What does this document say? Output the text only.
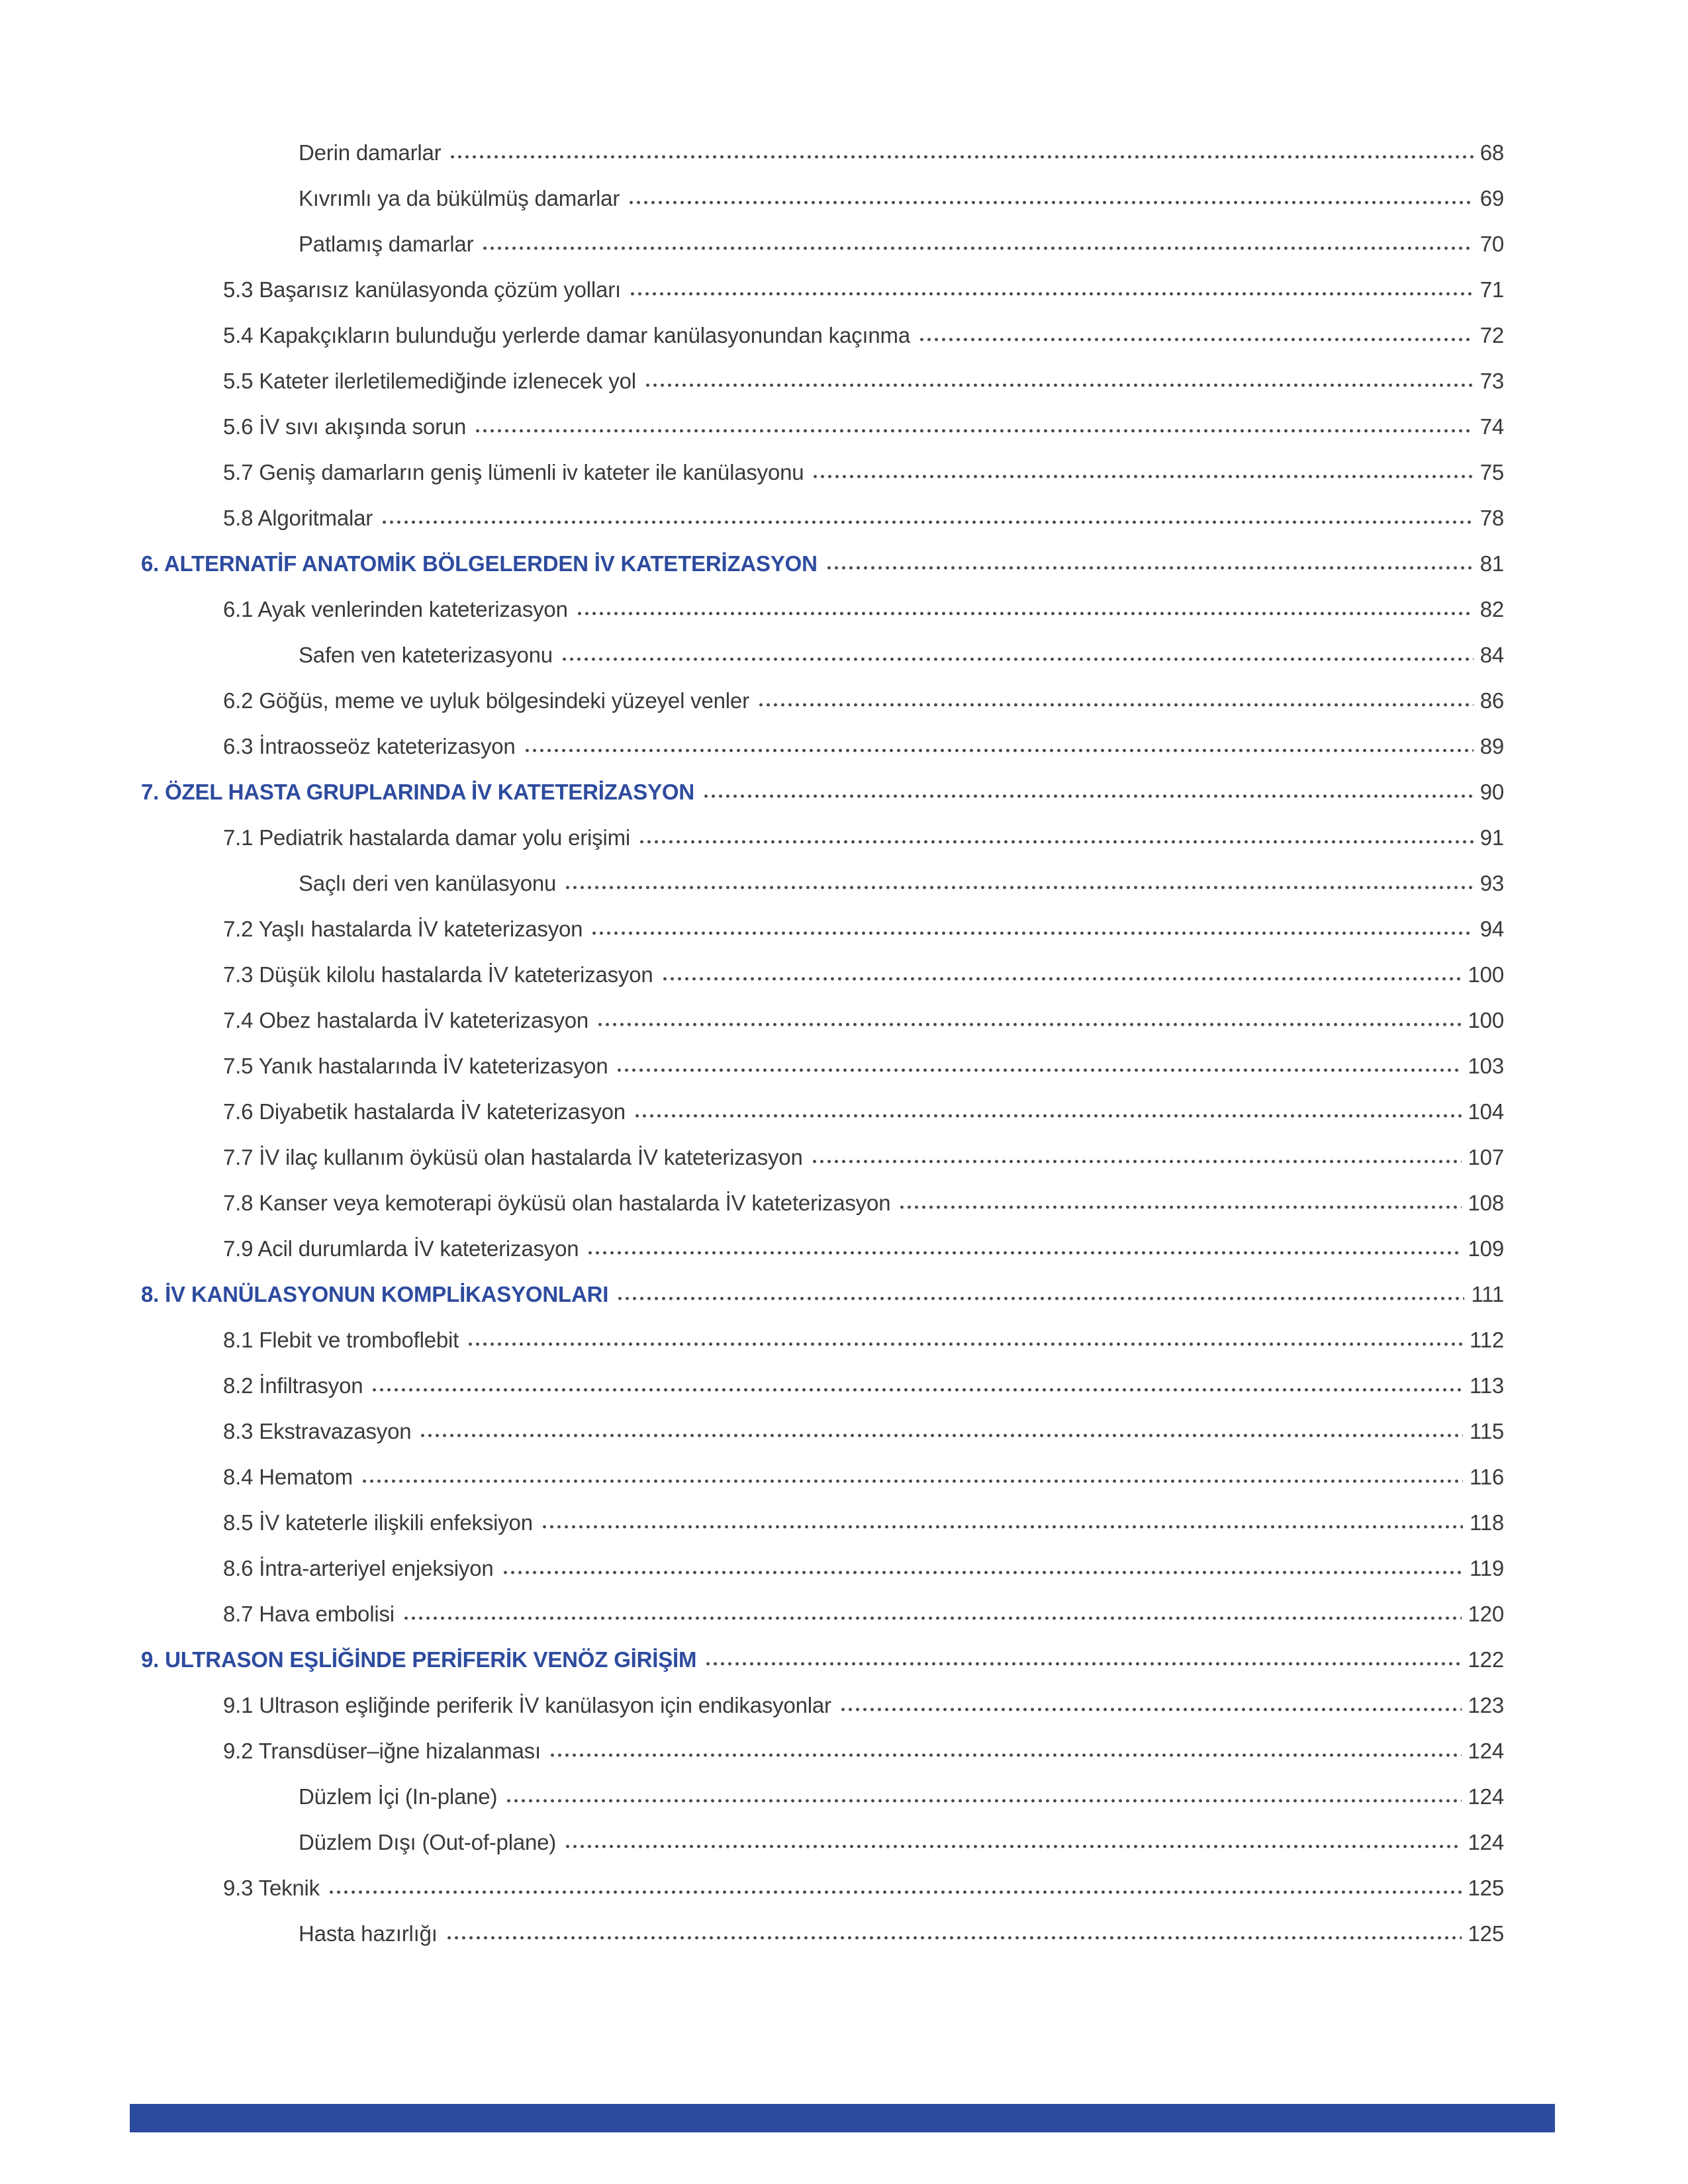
Derin damarlar	68
Kıvrımlı ya da bükülmüş damarlar	69
Patlamış damarlar	70
5.3 Başarısız kanülasyonda çözüm yolları	71
5.4 Kapakçıkların bulunduğu yerlerde damar kanülasyonundan kaçınma	72
5.5 Kateter ilerletilemediğinde izlenecek yol	73
5.6 İV sıvı akışında sorun	74
5.7 Geniş damarların geniş lümenli iv kateter ile kanülasyonu	75
5.8 Algoritmalar	78
6. ALTERNATİF ANATOMİK BÖLGELERDEN İV KATETERİZASYON	81
6.1 Ayak venlerinden kateterizasyon	82
Safen ven kateterizasyonu	84
6.2 Göğüs, meme ve uyluk bölgesindeki yüzeyel venler	86
6.3 İntraosseöz kateterizasyon	89
7. ÖZEL HASTA GRUPLARINDA İV KATETERİZASYON	90
7.1 Pediatrik hastalarda damar yolu erişimi	91
Saçlı deri ven kanülasyonu	93
7.2 Yaşlı hastalarda İV kateterizasyon	94
7.3 Düşük kilolu hastalarda İV kateterizasyon	100
7.4 Obez hastalarda İV kateterizasyon	100
7.5 Yanık hastalarında İV kateterizasyon	103
7.6 Diyabetik hastalarda İV kateterizasyon	104
7.7 İV ilaç kullanım öyküsü olan hastalarda İV kateterizasyon	107
7.8 Kanser veya kemoterapi öyküsü olan hastalarda İV kateterizasyon	108
7.9 Acil durumlarda İV kateterizasyon	109
8. İV KANÜLASYONUN KOMPLİKASYONLARI	111
8.1 Flebit ve tromboflebit	112
8.2 İnfiltrasyon	113
8.3 Ekstravazasyon	115
8.4 Hematom	116
8.5 İV kateterle ilişkili enfeksiyon	118
8.6 İntra-arteriyel enjeksiyon	119
8.7 Hava embolisi	120
9. ULTRASON EŞLİĞİNDE PERİFERİK VENÖZ GİRİŞİM	122
9.1 Ultrason eşliğinde periferik İV kanülasyon için endikasyonlar	123
9.2 Transdüser–iğne hizalanması	124
Düzlem İçi (In-plane)	124
Düzlem Dışı (Out-of-plane)	124
9.3 Teknik	125
Hasta hazırlığı	125
